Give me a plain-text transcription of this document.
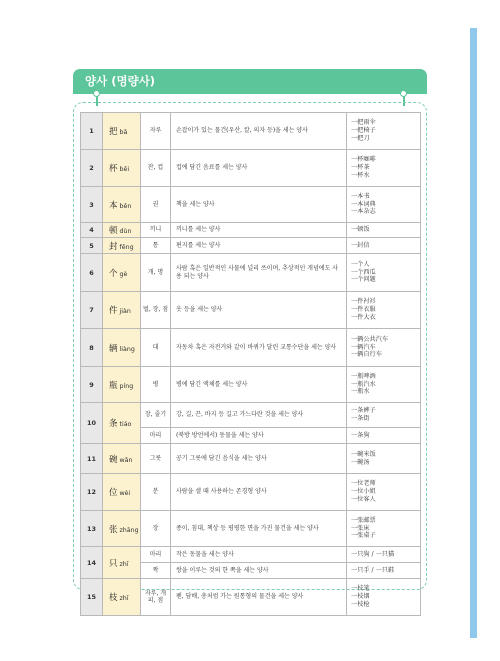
양사 (명량사)
1	把 bǎ	자루	손잡이가 있는 물건(우산, 칼, 의자 등)을 세는 양사	一把雨伞
一把椅子
一把刀

2	杯 bēi	잔, 컵	컵에 담긴 음료를 세는 양사	一杯咖啡
一杯茶
一杯水

3	本 běn	권	책을 세는 양사	一本书
一本词典
一本杂志

4	顿 dùn	끼니	끼니를 세는 양사	一顿饭

5	封 fēng	통	편지를 세는 양사	一封信

6	个 gè	개, 명	사람 혹은 일반적인 사물에 널리 쓰이며, 추상적인 개념에도 사용 되는 양사	一个人
一个西瓜
一个问题

7	件 jiàn	벌, 장, 점	옷 등을 세는 양사	一件衬衫
一件衣服
一件大衣

8	辆 liàng	대	자동차 혹은 자전거와 같이 바퀴가 달린 교통수단을 세는 양사	一辆公共汽车
一辆汽车
一辆自行车

9	瓶 píng	병	병에 담긴 액체를 세는 양사	一瓶啤酒
一瓶汽水
一瓶水

10	条 tiáo	장, 줄기	강, 길, 끈, 바지 등 길고 가느다란 것을 세는 양사	一条裤子
一条街

		마리	(북방 방언에서) 동물을 세는 양사	一条狗

11	碗 wǎn	그릇	공기 그릇에 담긴 음식을 세는 양사	一碗米饭
一碗汤

12	位 wèi	분	사람을 셀 때 사용하는 존경형 양사	一位老师
一位小姐
一位客人

13	张 zhāng	장	종이, 침대, 책상 등 평평한 면을 가진 물건을 세는 양사	一张邮票
一张床
一张桌子

14	只 zhī	마리	작은 동물을 세는 양사	一只狗 / 一只猫

		짝	쌍을 이루는 것의 한 쪽을 세는 양사	一只手 / 一只鞋

15	枝 zhī	자루, 개피, 점	펜, 담배, 총처럼 가는 원통형의 물건을 세는 양사	一枝笔
一枝烟
一枝枪
